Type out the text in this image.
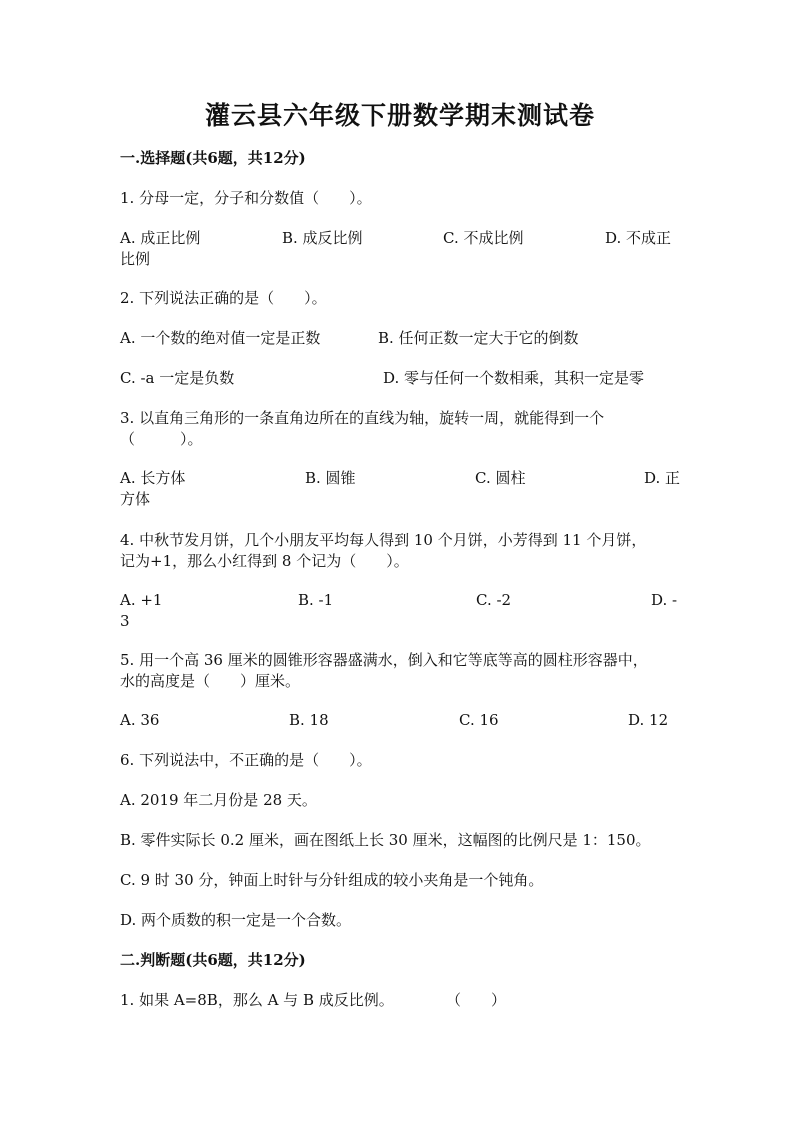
灌云县六年级下册数学期末测试卷
一.选择题(共6题，共12分)
1. 分母一定，分子和分数值（　　）。
A. 成正比例	B. 成反比例	C. 不成比例	D. 不成正
比例
2. 下列说法正确的是（　　）。
A. 一个数的绝对值一定是正数	B. 任何正数一定大于它的倒数
C. -a 一定是负数	D. 零与任何一个数相乘，其积一定是零
3. 以直角三角形的一条直角边所在的直线为轴，旋转一周，就能得到一个
（　　　）。
A. 长方体	B. 圆锥	C. 圆柱	D. 正
方体
4. 中秋节发月饼，几个小朋友平均每人得到 10 个月饼，小芳得到 11 个月饼，
记为+1，那么小红得到 8 个记为（　　）。
A. +1	B. -1	C. -2	D. -
3
5. 用一个高 36 厘米的圆锥形容器盛满水，倒入和它等底等高的圆柱形容器中，
水的高度是（　　）厘米。
A. 36	B. 18	C. 16	D. 12
6. 下列说法中，不正确的是（　　）。
A. 2019 年二月份是 28 天。
B. 零件实际长 0.2 厘米，画在图纸上长 30 厘米，这幅图的比例尺是 1：150。
C. 9 时 30 分，钟面上时针与分针组成的较小夹角是一个钝角。
D. 两个质数的积一定是一个合数。
二.判断题(共6题，共12分)
1. 如果 A=8B，那么 A 与 B 成反比例。	（　　）
